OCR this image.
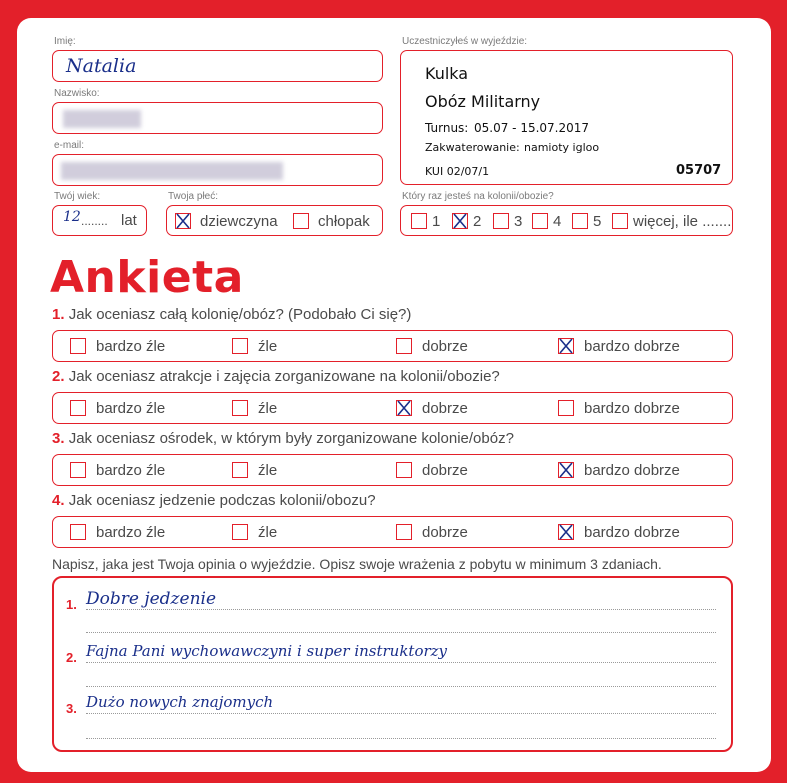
Imię:
Natalia
Nazwisko:
e-mail:
Twój wiek:
12 ........ lat
Twoja płeć:
dziewczyna	chłopak
Uczestniczyłeś w wyjeździe:
Kulka
Obóz Militarny
Turnus: 05.07 - 15.07.2017
Zakwaterowanie: namioty igloo
KUI 02/07/1	05707
Który raz jesteś na kolonii/obozie?
1 2 3 4 5 więcej, ile .......
Ankieta
1. Jak oceniasz całą kolonię/obóz? (Podobało Ci się?)
bardzo źle	źle	dobrze	bardzo dobrze
2. Jak oceniasz atrakcje i zajęcia zorganizowane na kolonii/obozie?
bardzo źle	źle	dobrze	bardzo dobrze
3. Jak oceniasz ośrodek, w którym były zorganizowane kolonie/obóz?
bardzo źle	źle	dobrze	bardzo dobrze
4. Jak oceniasz jedzenie podczas kolonii/obozu?
bardzo źle	źle	dobrze	bardzo dobrze
Napisz, jaka jest Twoja opinia o wyjeździe. Opisz swoje wrażenia z pobytu w minimum 3 zdaniach.
1. Dobre jedzenie
2. Fajna Pani wychowawczyni i super instruktorzy
3. Dużo nowych znajomych
